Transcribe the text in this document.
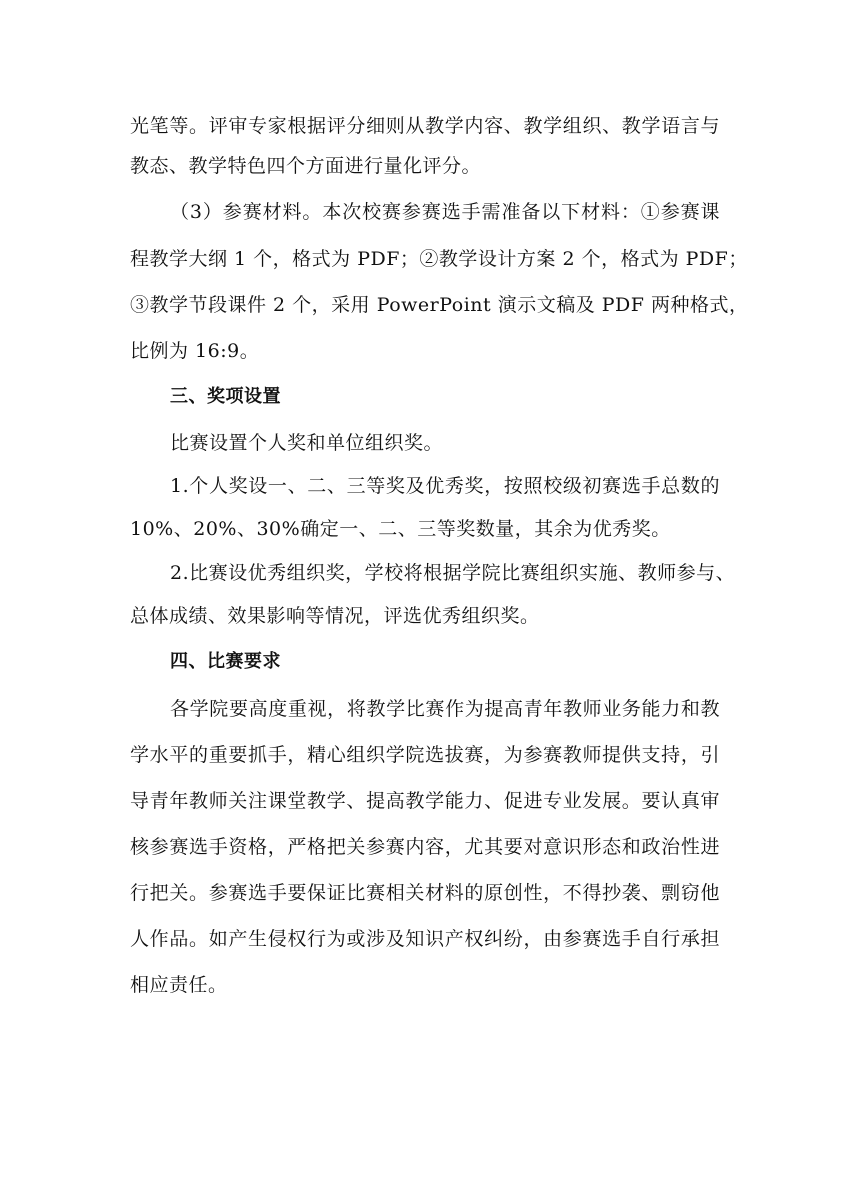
光笔等。评审专家根据评分细则从教学内容、教学组织、教学语言与
教态、教学特色四个方面进行量化评分。
（3）参赛材料。本次校赛参赛选手需准备以下材料：①参赛课
程教学大纲 1 个，格式为 PDF；②教学设计方案 2 个，格式为 PDF；
③教学节段课件 2 个，采用 PowerPoint 演示文稿及 PDF 两种格式，
比例为 16:9。
三、奖项设置
比赛设置个人奖和单位组织奖。
1.个人奖设一、二、三等奖及优秀奖，按照校级初赛选手总数的
10%、20%、30%确定一、二、三等奖数量，其余为优秀奖。
2.比赛设优秀组织奖，学校将根据学院比赛组织实施、教师参与、
总体成绩、效果影响等情况，评选优秀组织奖。
四、比赛要求
各学院要高度重视，将教学比赛作为提高青年教师业务能力和教
学水平的重要抓手，精心组织学院选拔赛，为参赛教师提供支持，引
导青年教师关注课堂教学、提高教学能力、促进专业发展。要认真审
核参赛选手资格，严格把关参赛内容，尤其要对意识形态和政治性进
行把关。参赛选手要保证比赛相关材料的原创性，不得抄袭、剽窃他
人作品。如产生侵权行为或涉及知识产权纠纷，由参赛选手自行承担
相应责任。
